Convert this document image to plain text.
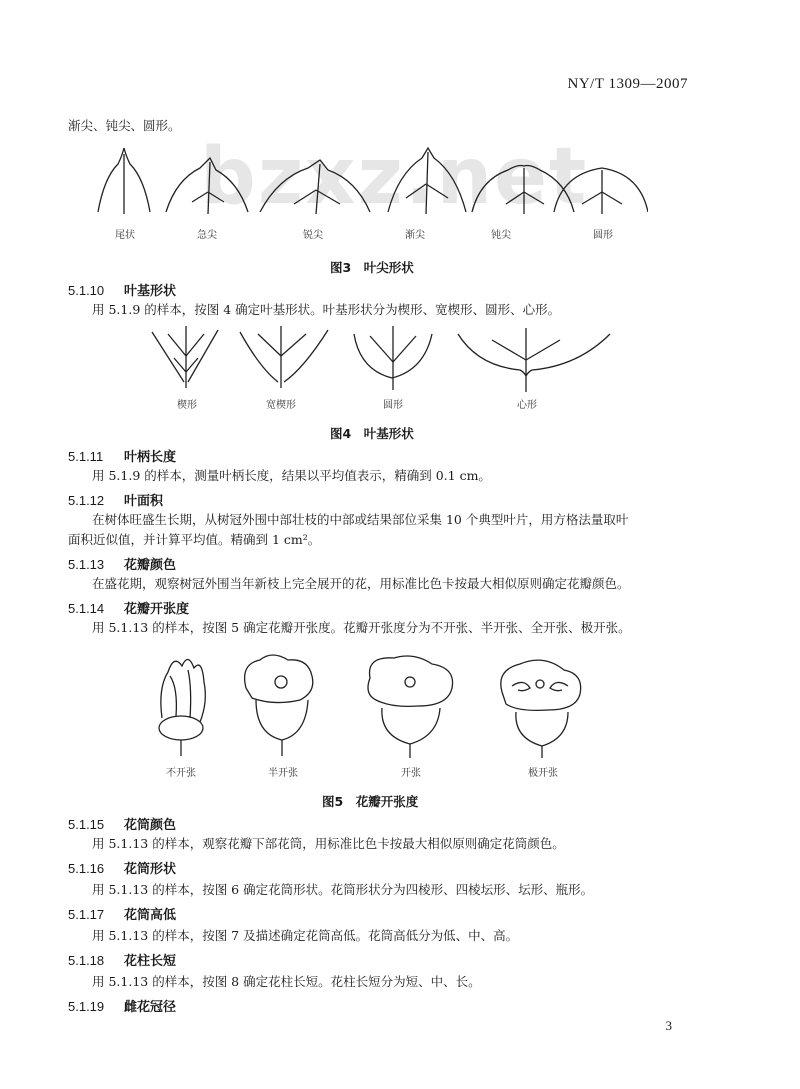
bzxz.net
NY/T 1309—2007
渐尖、钝尖、圆形。
尾状	急尖	锐尖	渐尖	钝尖	圆形
图3　叶尖形状
5.1.10 叶基形状
用 5.1.9 的样本，按图 4 确定叶基形状。叶基形状分为楔形、宽楔形、圆形、心形。
楔形	宽楔形	圆形	心形
图4　叶基形状
5.1.11 叶柄长度
用 5.1.9 的样本，测量叶柄长度，结果以平均值表示，精确到 0.1 cm。
5.1.12 叶面积
在树体旺盛生长期，从树冠外围中部壮枝的中部或结果部位采集 10 个典型叶片，用方格法量取叶
面积近似值，并计算平均值。精确到 1 cm²。
5.1.13 花瓣颜色
在盛花期，观察树冠外围当年新枝上完全展开的花，用标准比色卡按最大相似原则确定花瓣颜色。
5.1.14 花瓣开张度
用 5.1.13 的样本，按图 5 确定花瓣开张度。花瓣开张度分为不开张、半开张、全开张、极开张。
不开张	半开张	开张	极开张
图5　花瓣开张度
5.1.15 花筒颜色
用 5.1.13 的样本，观察花瓣下部花筒，用标准比色卡按最大相似原则确定花筒颜色。
5.1.16 花筒形状
用 5.1.13 的样本，按图 6 确定花筒形状。花筒形状分为四棱形、四棱坛形、坛形、瓶形。
5.1.17 花筒高低
用 5.1.13 的样本，按图 7 及描述确定花筒高低。花筒高低分为低、中、高。
5.1.18 花柱长短
用 5.1.13 的样本，按图 8 确定花柱长短。花柱长短分为短、中、长。
5.1.19 雌花冠径
3
